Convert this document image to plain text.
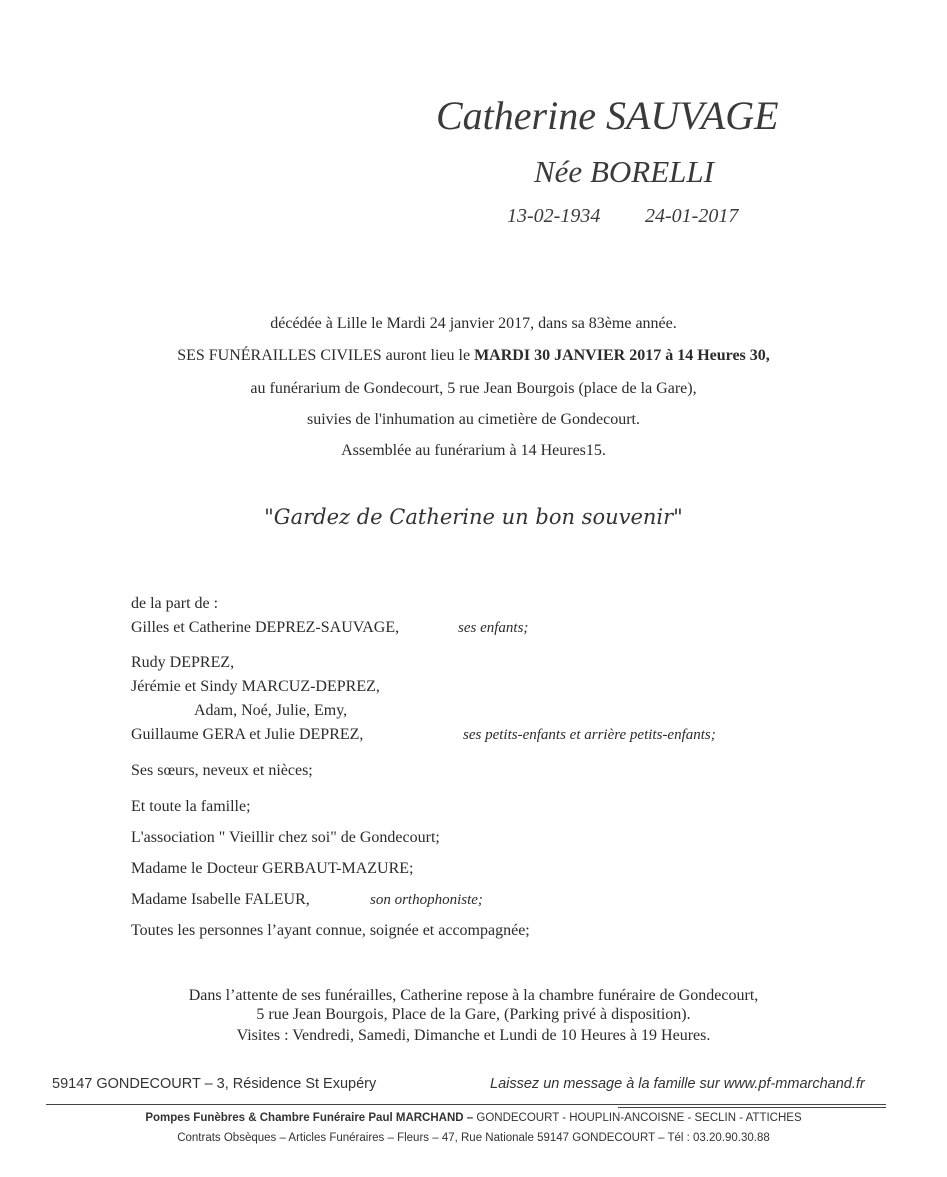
Catherine SAUVAGE
Née BORELLI
13-02-1934 24-01-2017
décédée à Lille le Mardi 24 janvier 2017, dans sa 83ème année.
SES FUNÉRAILLES CIVILES auront lieu le MARDI 30 JANVIER 2017 à 14 Heures 30,
au funérarium de Gondecourt, 5 rue Jean Bourgois (place de la Gare),
suivies de l'inhumation au cimetière de Gondecourt.
Assemblée au funérarium à 14 Heures15.
"Gardez de Catherine un bon souvenir"
de la part de :
Gilles et Catherine DEPREZ-SAUVAGE,	ses enfants;
Rudy DEPREZ,
Jérémie et Sindy MARCUZ-DEPREZ,
Adam, Noé, Julie, Emy,
Guillaume GERA et Julie DEPREZ,	ses petits-enfants et arrière petits-enfants;
Ses sœurs, neveux et nièces;
Et toute la famille;
L'association " Vieillir chez soi" de Gondecourt;
Madame le Docteur GERBAUT-MAZURE;
Madame Isabelle FALEUR,	son orthophoniste;
Toutes les personnes l’ayant connue, soignée et accompagnée;
Dans l’attente de ses funérailles, Catherine repose à la chambre funéraire de Gondecourt,
5 rue Jean Bourgois, Place de la Gare, (Parking privé à disposition).
Visites : Vendredi, Samedi, Dimanche et Lundi de 10 Heures à 19 Heures.
59147 GONDECOURT – 3, Résidence St Exupéry	Laissez un message à la famille sur www.pf-mmarchand.fr
Pompes Funèbres & Chambre Funéraire Paul MARCHAND – GONDECOURT - HOUPLIN-ANCOISNE - SECLIN - ATTICHES
Contrats Obsèques – Articles Funéraires – Fleurs – 47, Rue Nationale 59147 GONDECOURT – Tél : 03.20.90.30.88
